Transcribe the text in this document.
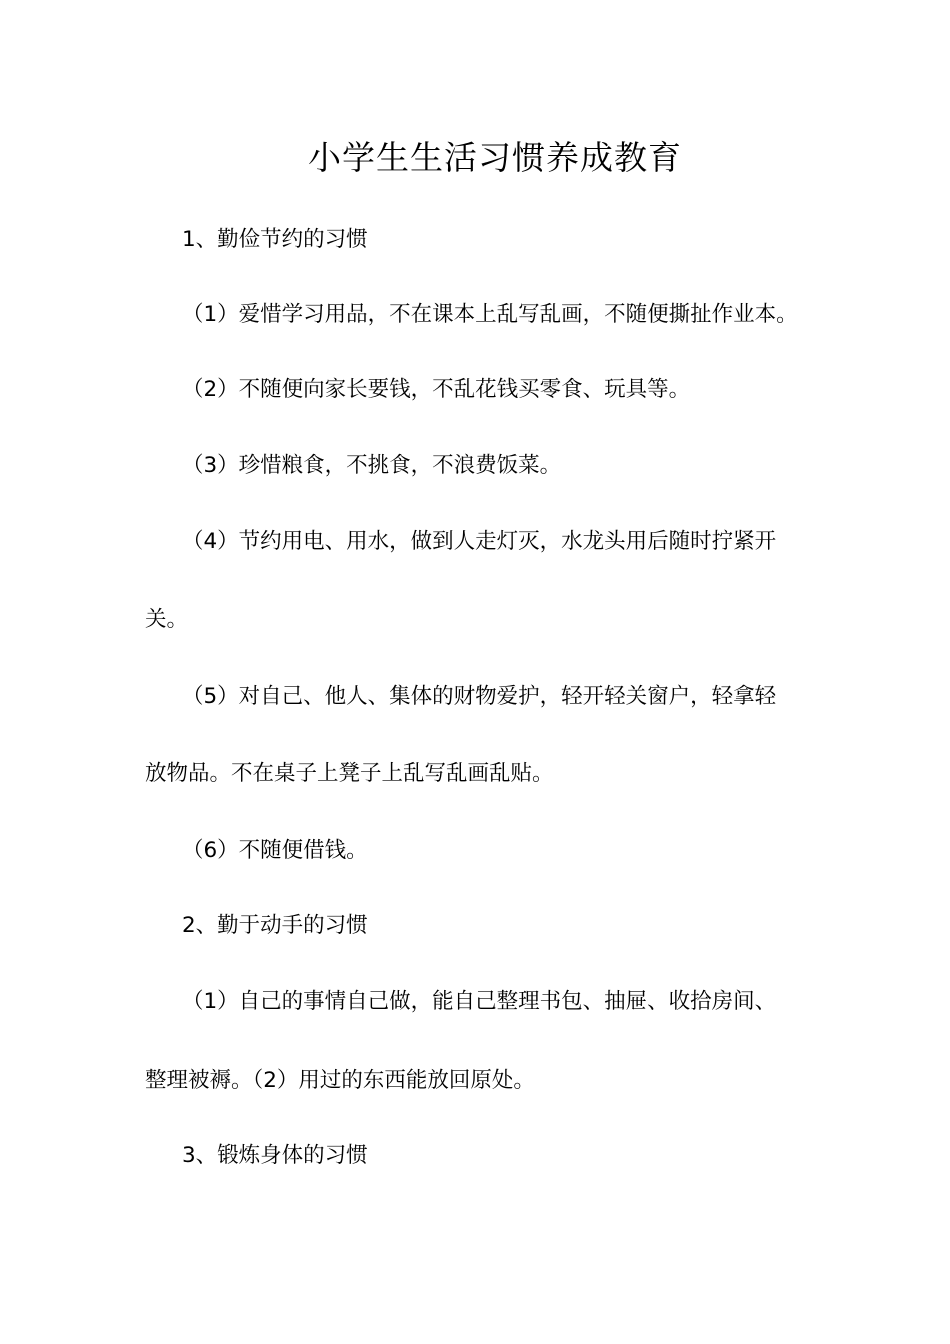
小学生生活习惯养成教育
1、勤俭节约的习惯
（1）爱惜学习用品，不在课本上乱写乱画，不随便撕扯作业本。
（2）不随便向家长要钱，不乱花钱买零食、玩具等。
（3）珍惜粮食，不挑食，不浪费饭菜。
（4）节约用电、用水，做到人走灯灭，水龙头用后随时拧紧开
关。
（5）对自己、他人、集体的财物爱护，轻开轻关窗户，轻拿轻
放物品。不在桌子上凳子上乱写乱画乱贴。
（6）不随便借钱。
2、勤于动手的习惯
（1）自己的事情自己做，能自己整理书包、抽屉、收拾房间、
整理被褥。（2）用过的东西能放回原处。
3、锻炼身体的习惯
